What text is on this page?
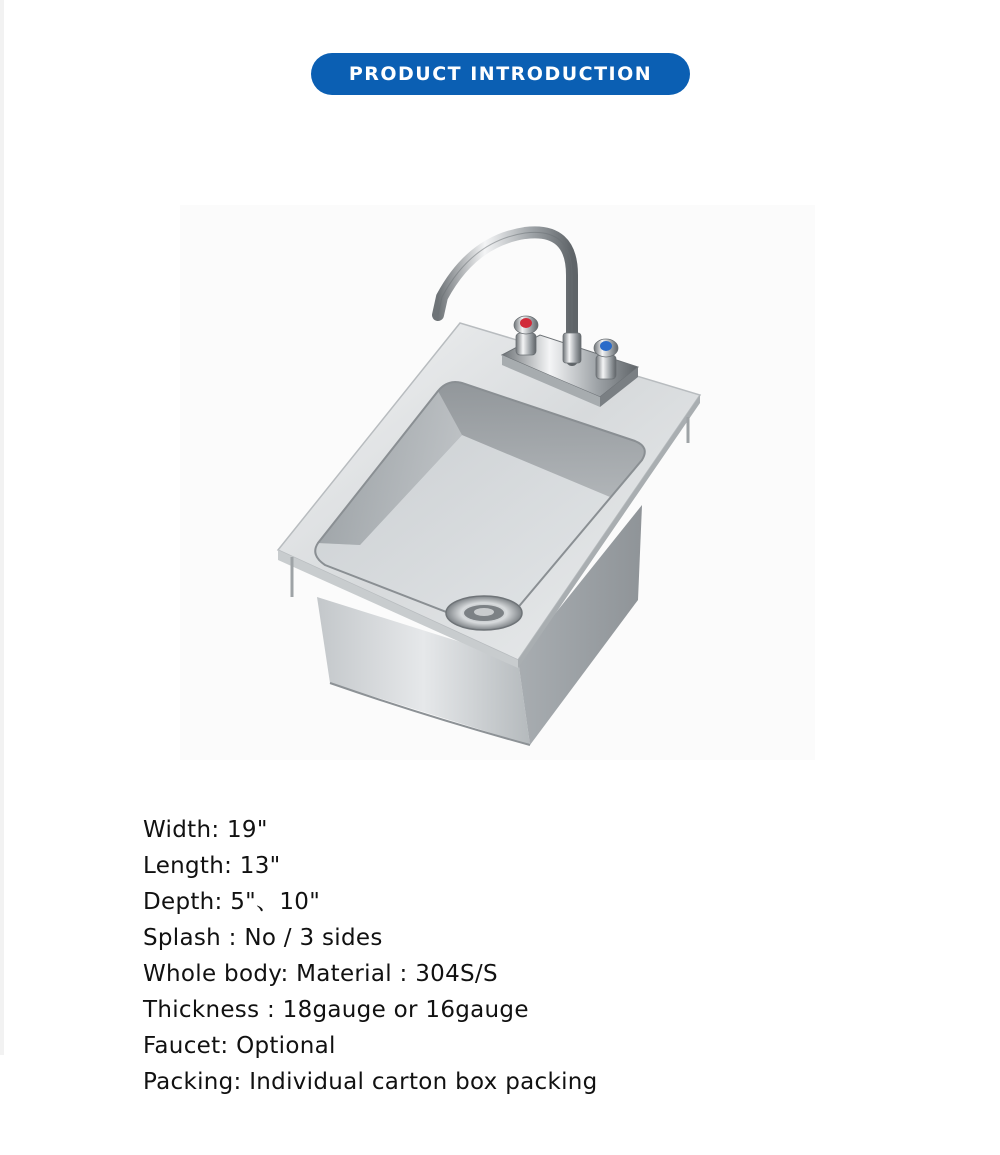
PRODUCT INTRODUCTION
Width: 19"
Length: 13"
Depth: 5"、10"
Splash : No / 3 sides
Whole body: Material : 304S/S
Thickness : 18gauge or 16gauge
Faucet: Optional
Packing: Individual carton box packing
